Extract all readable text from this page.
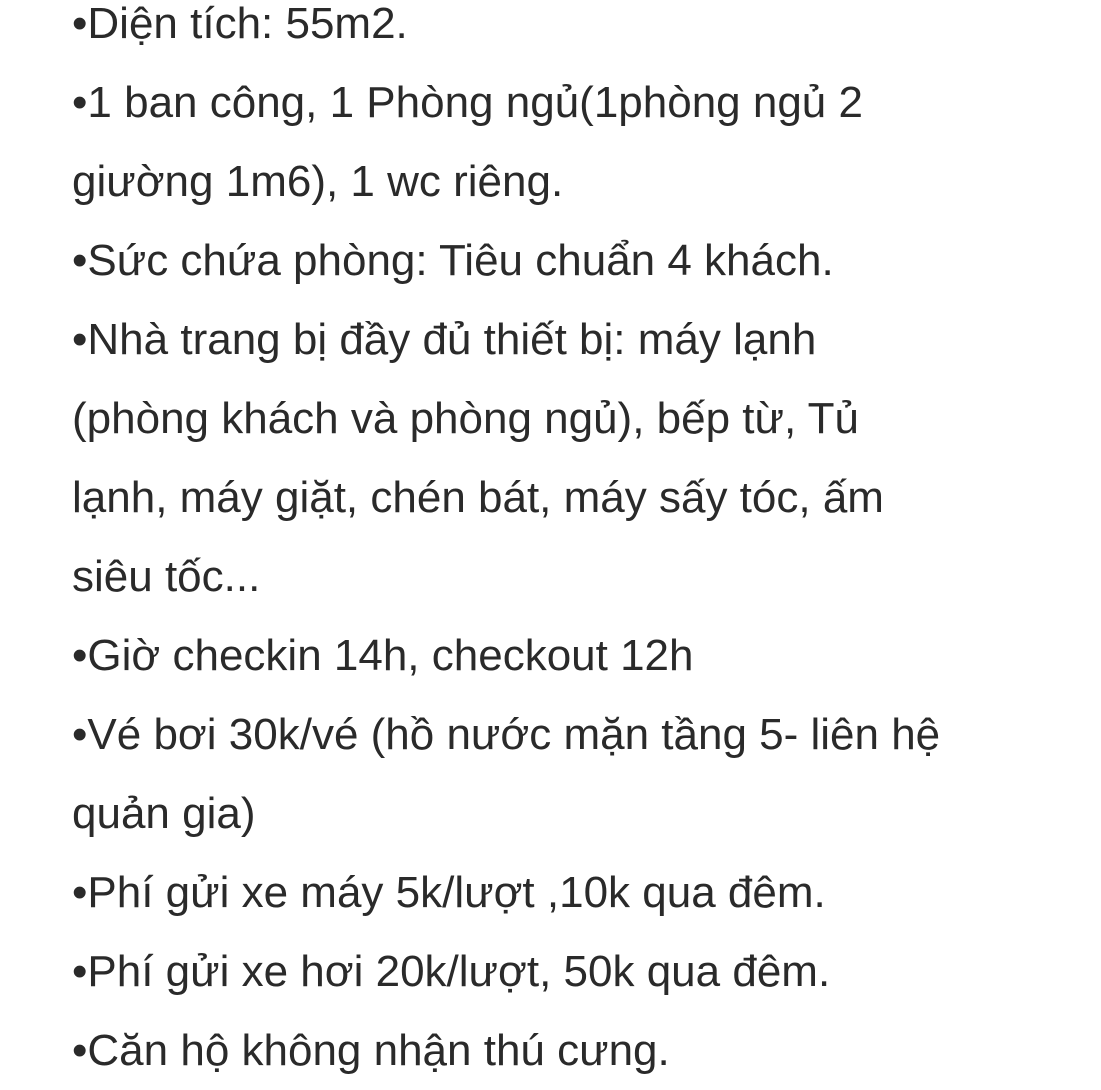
•Diện tích: 55m2.
•1 ban công, 1 Phòng ngủ(1phòng ngủ 2
giường 1m6), 1 wc riêng.
•Sức chứa phòng: Tiêu chuẩn 4 khách.
•Nhà trang bị đầy đủ thiết bị: máy lạnh
(phòng khách và phòng ngủ), bếp từ, Tủ
lạnh, máy giặt, chén bát, máy sấy tóc, ấm
siêu tốc...
•Giờ checkin 14h, checkout 12h
•Vé bơi 30k/vé (hồ nước mặn tầng 5- liên hệ
quản gia)
•Phí gửi xe máy 5k/lượt ,10k qua đêm.
•Phí gửi xe hơi 20k/lượt, 50k qua đêm.
•Căn hộ không nhận thú cưng.
